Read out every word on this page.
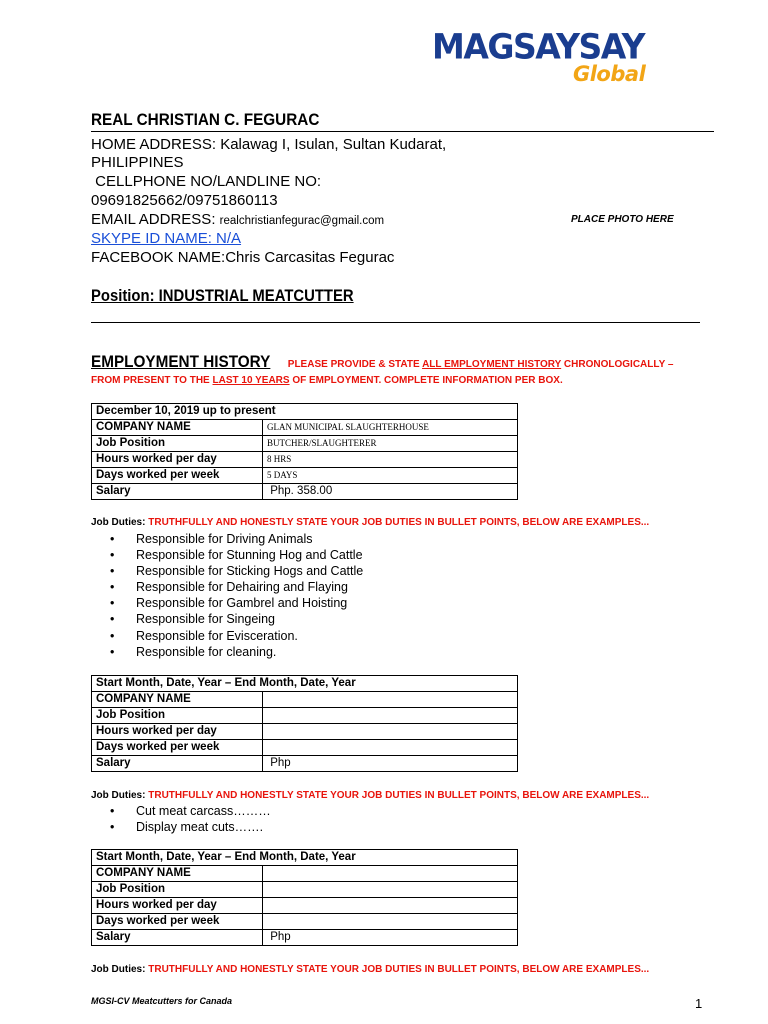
MAGSAYSAY
Global
REAL CHRISTIAN C. FEGURAC
HOME ADDRESS: Kalawag I, Isulan, Sultan Kudarat,
PHILIPPINES
CELLPHONE NO/LANDLINE NO:
09691825662/09751860113
EMAIL ADDRESS: realchristianfegurac@gmail.com
SKYPE ID NAME: N/A
FACEBOOK NAME:Chris Carcasitas Fegurac
PLACE PHOTO HERE
Position: INDUSTRIAL MEATCUTTER
EMPLOYMENT HISTORY PLEASE PROVIDE & STATE ALL EMPLOYMENT HISTORY CHRONOLOGICALLY –
FROM PRESENT TO THE LAST 10 YEARS OF EMPLOYMENT. COMPLETE INFORMATION PER BOX.
December 10, 2019 up to present	
COMPANY NAME	GLAN MUNICIPAL SLAUGHTERHOUSE
Job Position	BUTCHER/SLAUGHTERER
Hours worked per day	8 HRS
Days worked per week	5 DAYS
Salary	Php. 358.00
Job Duties: TRUTHFULLY AND HONESTLY STATE YOUR JOB DUTIES IN BULLET POINTS, BELOW ARE EXAMPLES...
• Responsible for Driving Animals
• Responsible for Stunning Hog and Cattle
• Responsible for Sticking Hogs and Cattle
• Responsible for Dehairing and Flaying
• Responsible for Gambrel and Hoisting
• Responsible for Singeing
• Responsible for Evisceration.
• Responsible for cleaning.
Start Month, Date, Year – End Month, Date, Year	
COMPANY NAME	
Job Position	
Hours worked per day	
Days worked per week	
Salary	Php
Job Duties: TRUTHFULLY AND HONESTLY STATE YOUR JOB DUTIES IN BULLET POINTS, BELOW ARE EXAMPLES...
• Cut meat carcass………
• Display meat cuts…….
Start Month, Date, Year – End Month, Date, Year	
COMPANY NAME	
Job Position	
Hours worked per day	
Days worked per week	
Salary	Php
Job Duties: TRUTHFULLY AND HONESTLY STATE YOUR JOB DUTIES IN BULLET POINTS, BELOW ARE EXAMPLES...
MGSI-CV Meatcutters for Canada	1
